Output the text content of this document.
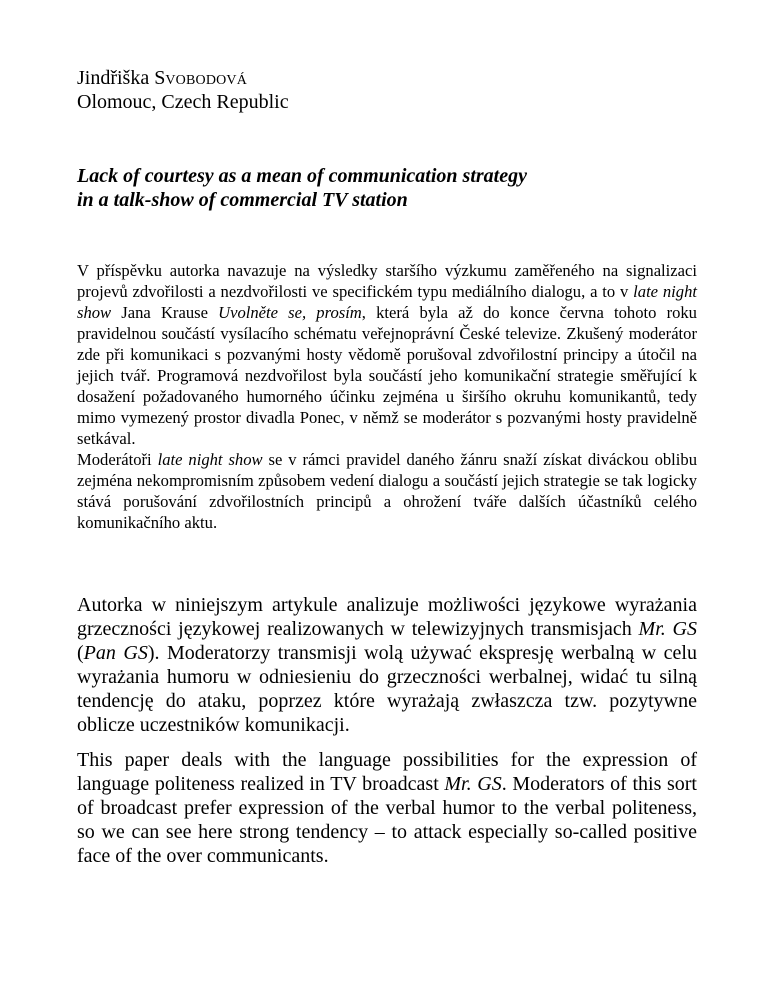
Jindřiška SVOBODOVÁ
Olomouc, Czech Republic
Lack of courtesy as a mean of communication strategy
in a talk-show of commercial TV station

V příspěvku autorka navazuje na výsledky staršího výzkumu zaměřeného na signalizaci projevů zdvořilosti a nezdvořilosti ve specifickém typu mediálního dialogu, a to v late night show Jana Krause Uvolněte se, prosím, která byla až do konce června tohoto roku pravidelnou součástí vysílacího schématu veřejnoprávní České televize. Zkušený moderátor zde při komunikaci s pozvanými hosty vědomě porušoval zdvořilostní principy a útočil na jejich tvář. Programová nezdvořilost byla součástí jeho komunikační strategie směřující k dosažení požadovaného humorného účinku zejména u širšího okruhu komunikantů, tedy mimo vymezený prostor divadla Ponec, v němž se moderátor s pozvanými hosty pravidelně setkával.

Moderátoři late night show se v rámci pravidel daného žánru snaží získat diváckou oblibu zejména nekompromisním způsobem vedení dialogu a součástí jejich strategie se tak logicky stává porušování zdvořilostních principů a ohrožení tváře dalších účastníků celého komunikačního aktu.

Autorka w niniejszym artykule analizuje możliwości językowe wyrażania grzeczności językowej realizowanych w telewizyjnych transmisjach Mr. GS (Pan GS). Moderatorzy transmisji wolą używać ekspresję werbalną w celu wyrażania humoru w odniesieniu do grzeczności werbalnej, widać tu silną tendencję do ataku, poprzez które wyrażają zwłaszcza tzw. pozytywne oblicze uczestników komunikacji.

This paper deals with the language possibilities for the expression of language politeness realized in TV broadcast Mr. GS. Moderators of this sort of broadcast prefer expression of the verbal humor to the verbal politeness, so we can see here strong tendency – to attack especially so-called positive face of the over communicants.
